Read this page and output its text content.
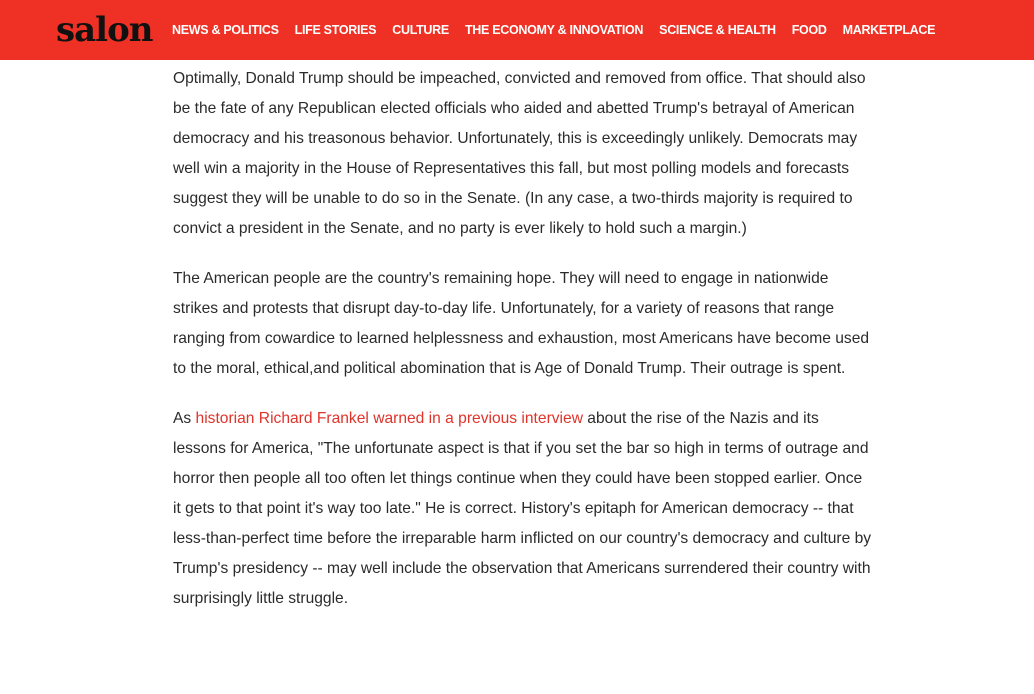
salon NEWS & POLITICS LIFE STORIES CULTURE THE ECONOMY & INNOVATION SCIENCE & HEALTH FOOD MARKETPLACE

Optimally, Donald Trump should be impeached, convicted and removed from office. That should also be the fate of any Republican elected officials who aided and abetted Trump's betrayal of American democracy and his treasonous behavior. Unfortunately, this is exceedingly unlikely. Democrats may well win a majority in the House of Representatives this fall, but most polling models and forecasts suggest they will be unable to do so in the Senate. (In any case, a two-thirds majority is required to convict a president in the Senate, and no party is ever likely to hold such a margin.)

The American people are the country's remaining hope. They will need to engage in nationwide strikes and protests that disrupt day-to-day life. Unfortunately, for a variety of reasons that range ranging from cowardice to learned helplessness and exhaustion, most Americans have become used to the moral, ethical,and political abomination that is Age of Donald Trump. Their outrage is spent.

As historian Richard Frankel warned in a previous interview about the rise of the Nazis and its lessons for America, "The unfortunate aspect is that if you set the bar so high in terms of outrage and horror then people all too often let things continue when they could have been stopped earlier. Once it gets to that point it's way too late." He is correct. History's epitaph for American democracy -- that less-than-perfect time before the irreparable harm inflicted on our country's democracy and culture by Trump's presidency -- may well include the observation that Americans surrendered their country with surprisingly little struggle.
